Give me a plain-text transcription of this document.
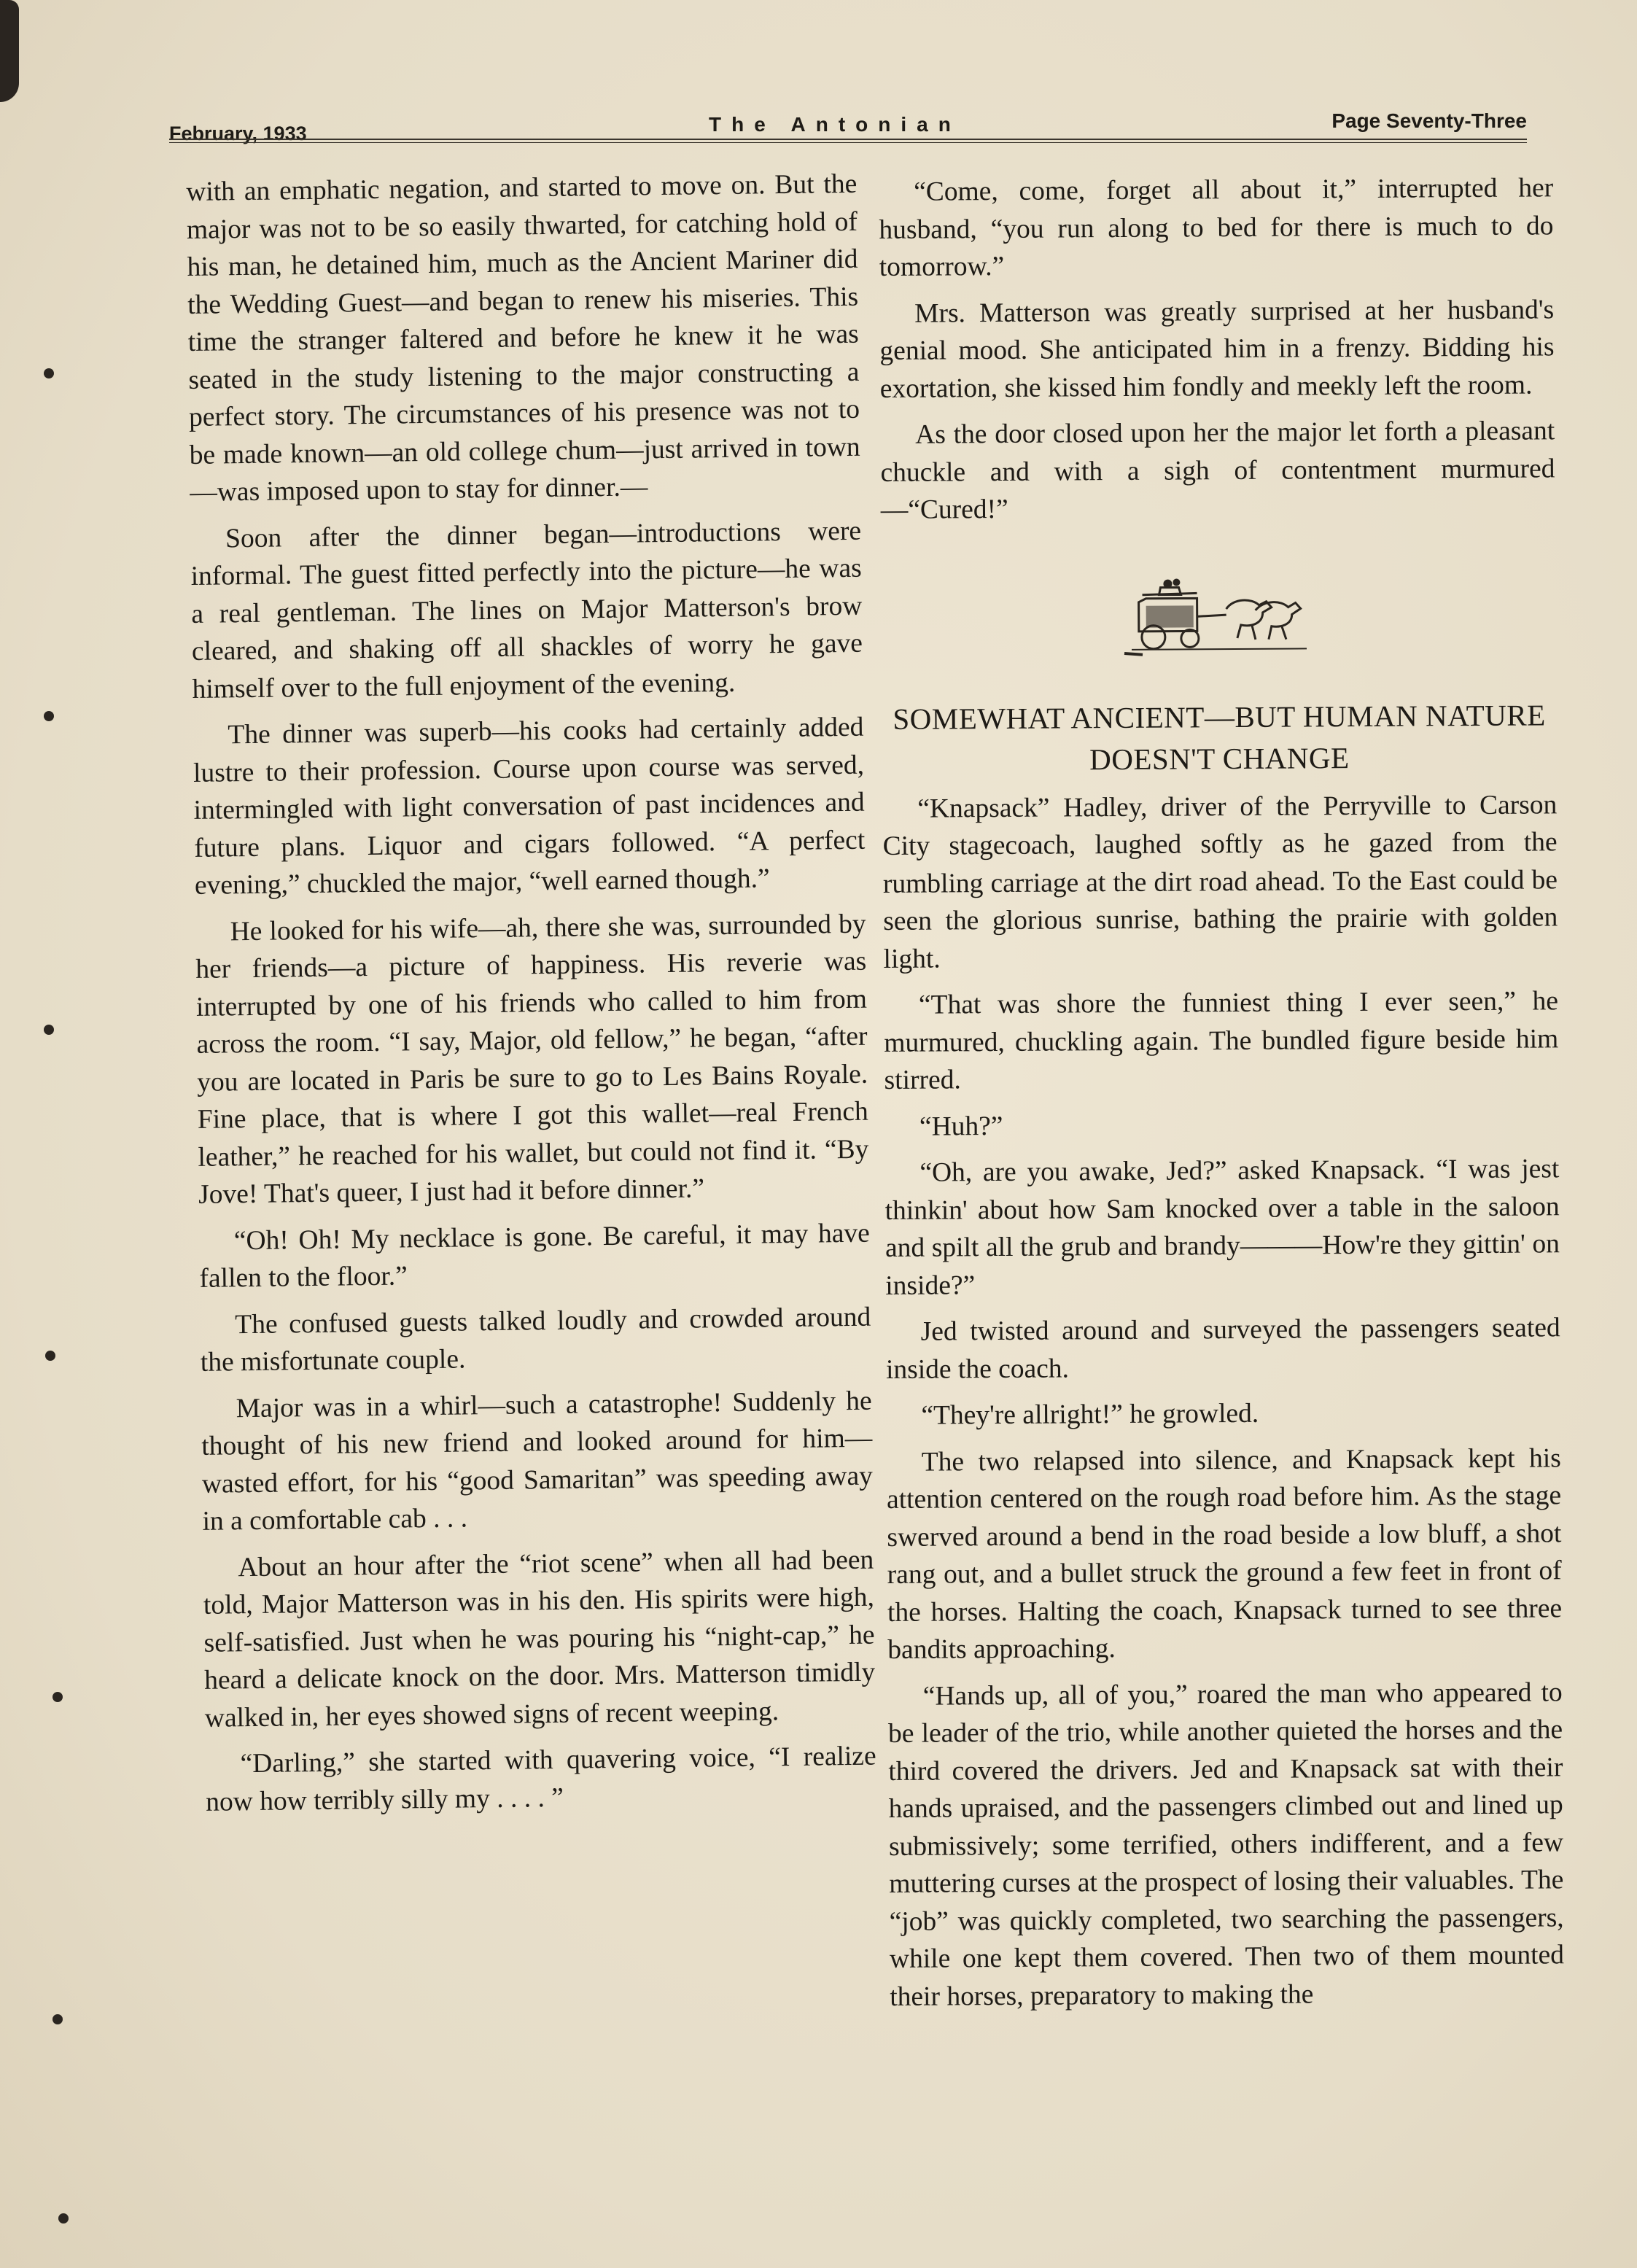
February, 1933	The Antonian	Page Seventy-Three

with an emphatic negation, and started to move on. But the major was not to be so easily thwarted, for catching hold of his man, he detained him, much as the Ancient Mariner did the Wedding Guest—and began to renew his miseries. This time the stranger faltered and before he knew it he was seated in the study listening to the major constructing a perfect story. The circumstances of his presence was not to be made known—an old college chum—just arrived in town—was imposed upon to stay for dinner.—

Soon after the dinner began—introductions were informal. The guest fitted perfectly into the picture—he was a real gentleman. The lines on Major Matterson's brow cleared, and shaking off all shackles of worry he gave himself over to the full enjoyment of the evening.

The dinner was superb—his cooks had certainly added lustre to their profession. Course upon course was served, intermingled with light conversation of past incidences and future plans. Liquor and cigars followed. “A perfect evening,” chuckled the major, “well earned though.”

He looked for his wife—ah, there she was, surrounded by her friends—a picture of happiness. His reverie was interrupted by one of his friends who called to him from across the room. “I say, Major, old fellow,” he began, “after you are located in Paris be sure to go to Les Bains Royale. Fine place, that is where I got this wallet—real French leather,” he reached for his wallet, but could not find it. “By Jove! That's queer, I just had it before dinner.”

“Oh! Oh! My necklace is gone. Be careful, it may have fallen to the floor.”

The confused guests talked loudly and crowded around the misfortunate couple.

Major was in a whirl—such a catastrophe! Suddenly he thought of his new friend and looked around for him—wasted effort, for his “good Samaritan” was speeding away in a comfortable cab . . .

About an hour after the “riot scene” when all had been told, Major Matterson was in his den. His spirits were high, self-satisfied. Just when he was pouring his “night-cap,” he heard a delicate knock on the door. Mrs. Matterson timidly walked in, her eyes showed signs of recent weeping.

“Darling,” she started with quavering voice, “I realize now how terribly silly my . . . . ”

“Come, come, forget all about it,” interrupted her husband, “you run along to bed for there is much to do tomorrow.”

Mrs. Matterson was greatly surprised at her husband's genial mood. She anticipated him in a frenzy. Bidding his exortation, she kissed him fondly and meekly left the room.

As the door closed upon her the major let forth a pleasant chuckle and with a sigh of contentment murmured—“Cured!”

SOMEWHAT ANCIENT—BUT HUMAN NATURE DOESN'T CHANGE

“Knapsack” Hadley, driver of the Perryville to Carson City stagecoach, laughed softly as he gazed from the rumbling carriage at the dirt road ahead. To the East could be seen the glorious sunrise, bathing the prairie with golden light.

“That was shore the funniest thing I ever seen,” he murmured, chuckling again. The bundled figure beside him stirred.

“Huh?”

“Oh, are you awake, Jed?” asked Knapsack. “I was jest thinkin' about how Sam knocked over a table in the saloon and spilt all the grub and brandy———How're they gittin' on inside?”

Jed twisted around and surveyed the passengers seated inside the coach.

“They're allright!” he growled.

The two relapsed into silence, and Knapsack kept his attention centered on the rough road before him. As the stage swerved around a bend in the road beside a low bluff, a shot rang out, and a bullet struck the ground a few feet in front of the horses. Halting the coach, Knapsack turned to see three bandits approaching.

“Hands up, all of you,” roared the man who appeared to be leader of the trio, while another quieted the horses and the third covered the drivers. Jed and Knapsack sat with their hands upraised, and the passengers climbed out and lined up submissively; some terrified, others indifferent, and a few muttering curses at the prospect of losing their valuables. The “job” was quickly completed, two searching the passengers, while one kept them covered. Then two of them mounted their horses, preparatory to making the
